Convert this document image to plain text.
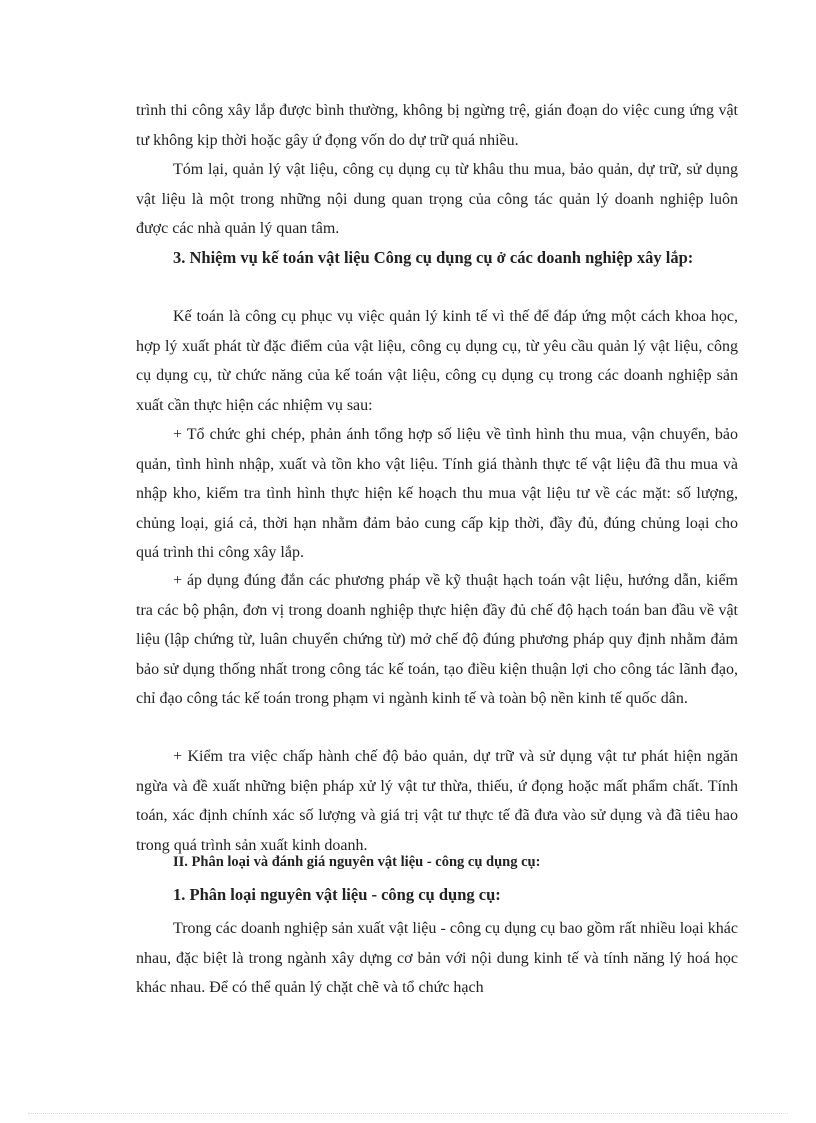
trình thi công xây lắp được bình thường, không bị ngừng trệ, gián đoạn do việc cung ứng vật tư không kịp thời hoặc gây ứ đọng vốn do dự trữ quá nhiều.

Tóm lại, quản lý vật liệu, công cụ dụng cụ từ khâu thu mua, bảo quản, dự trữ, sử dụng vật liệu là một trong những nội dung quan trọng của công tác quản lý doanh nghiệp luôn được các nhà quản lý quan tâm.

3. Nhiệm vụ kế toán vật liệu Công cụ dụng cụ ở các doanh nghiệp xây lắp:

Kế toán là công cụ phục vụ việc quản lý kinh tế vì thế để đáp ứng một cách khoa học, hợp lý xuất phát từ đặc điểm của vật liệu, công cụ dụng cụ, từ yêu cầu quản lý vật liệu, công cụ dụng cụ, từ chức năng của kế toán vật liệu, công cụ dụng cụ trong các doanh nghiệp sản xuất cần thực hiện các nhiệm vụ sau:

+ Tổ chức ghi chép, phản ánh tổng hợp số liệu về tình hình thu mua, vận chuyển, bảo quản, tình hình nhập, xuất và tồn kho vật liệu. Tính giá thành thực tế vật liệu đã thu mua và nhập kho, kiểm tra tình hình thực hiện kế hoạch thu mua vật liệu tư về các mặt: số lượng, chủng loại, giá cả, thời hạn nhằm đảm bảo cung cấp kịp thời, đầy đủ, đúng chủng loại cho quá trình thi công xây lắp.

+ áp dụng đúng đắn các phương pháp về kỹ thuật hạch toán vật liệu, hướng dẫn, kiểm tra các bộ phận, đơn vị trong doanh nghiệp thực hiện đầy đủ chế độ hạch toán ban đầu về vật liệu (lập chứng từ, luân chuyển chứng từ) mở chế độ đúng phương pháp quy định nhằm đảm bảo sử dụng thống nhất trong công tác kế toán, tạo điều kiện thuận lợi cho công tác lãnh đạo, chỉ đạo công tác kế toán trong phạm vi ngành kinh tế và toàn bộ nền kinh tế quốc dân.

+ Kiểm tra việc chấp hành chế độ bảo quản, dự trữ và sử dụng vật tư phát hiện ngăn ngừa và đề xuất những biện pháp xử lý vật tư thừa, thiếu, ứ đọng hoặc mất phẩm chất. Tính toán, xác định chính xác số lượng và giá trị vật tư thực tế đã đưa vào sử dụng và đã tiêu hao trong quá trình sản xuất kinh doanh.

II. Phân loại và đánh giá nguyên vật liệu - công cụ dụng cụ:

1. Phân loại nguyên vật liệu - công cụ dụng cụ:

Trong các doanh nghiệp sản xuất vật liệu - công cụ dụng cụ bao gồm rất nhiều loại khác nhau, đặc biệt là trong ngành xây dựng cơ bản với nội dung kinh tế và tính năng lý hoá học khác nhau. Để có thể quản lý chặt chẽ và tổ chức hạch
